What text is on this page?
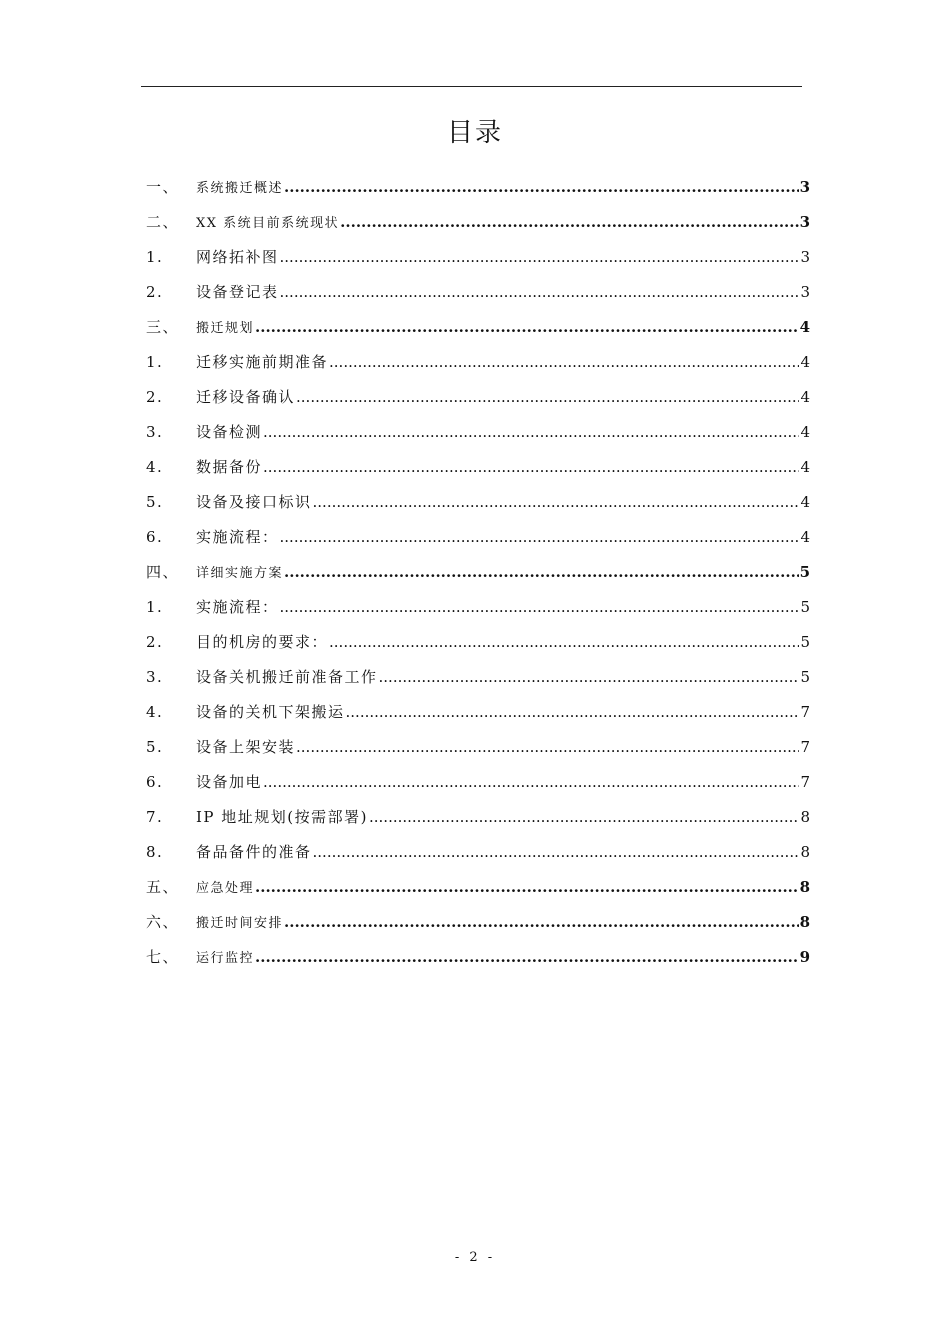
目录
一、 系统搬迁概述 .....	3
二、 XX 系统目前系统现状 .....	3
1. 网络拓补图 .....	3
2. 设备登记表 .....	3
三、 搬迁规划 .....	4
1. 迁移实施前期准备 .....	4
2. 迁移设备确认 .....	4
3. 设备检测 .....	4
4. 数据备份 .....	4
5. 设备及接口标识 .....	4
6. 实施流程： .....	4
四、 详细实施方案 .....	5
1. 实施流程： .....	5
2. 目的机房的要求： .....	5
3. 设备关机搬迁前准备工作 .....	5
4. 设备的关机下架搬运 .....	7
5. 设备上架安装 .....	7
6. 设备加电 .....	7
7. IP 地址规划(按需部署) .....	8
8. 备品备件的准备 .....	8
五、 应急处理 .....	8
六、 搬迁时间安排 .....	8
七、 运行监控 .....	9
- 2 -
